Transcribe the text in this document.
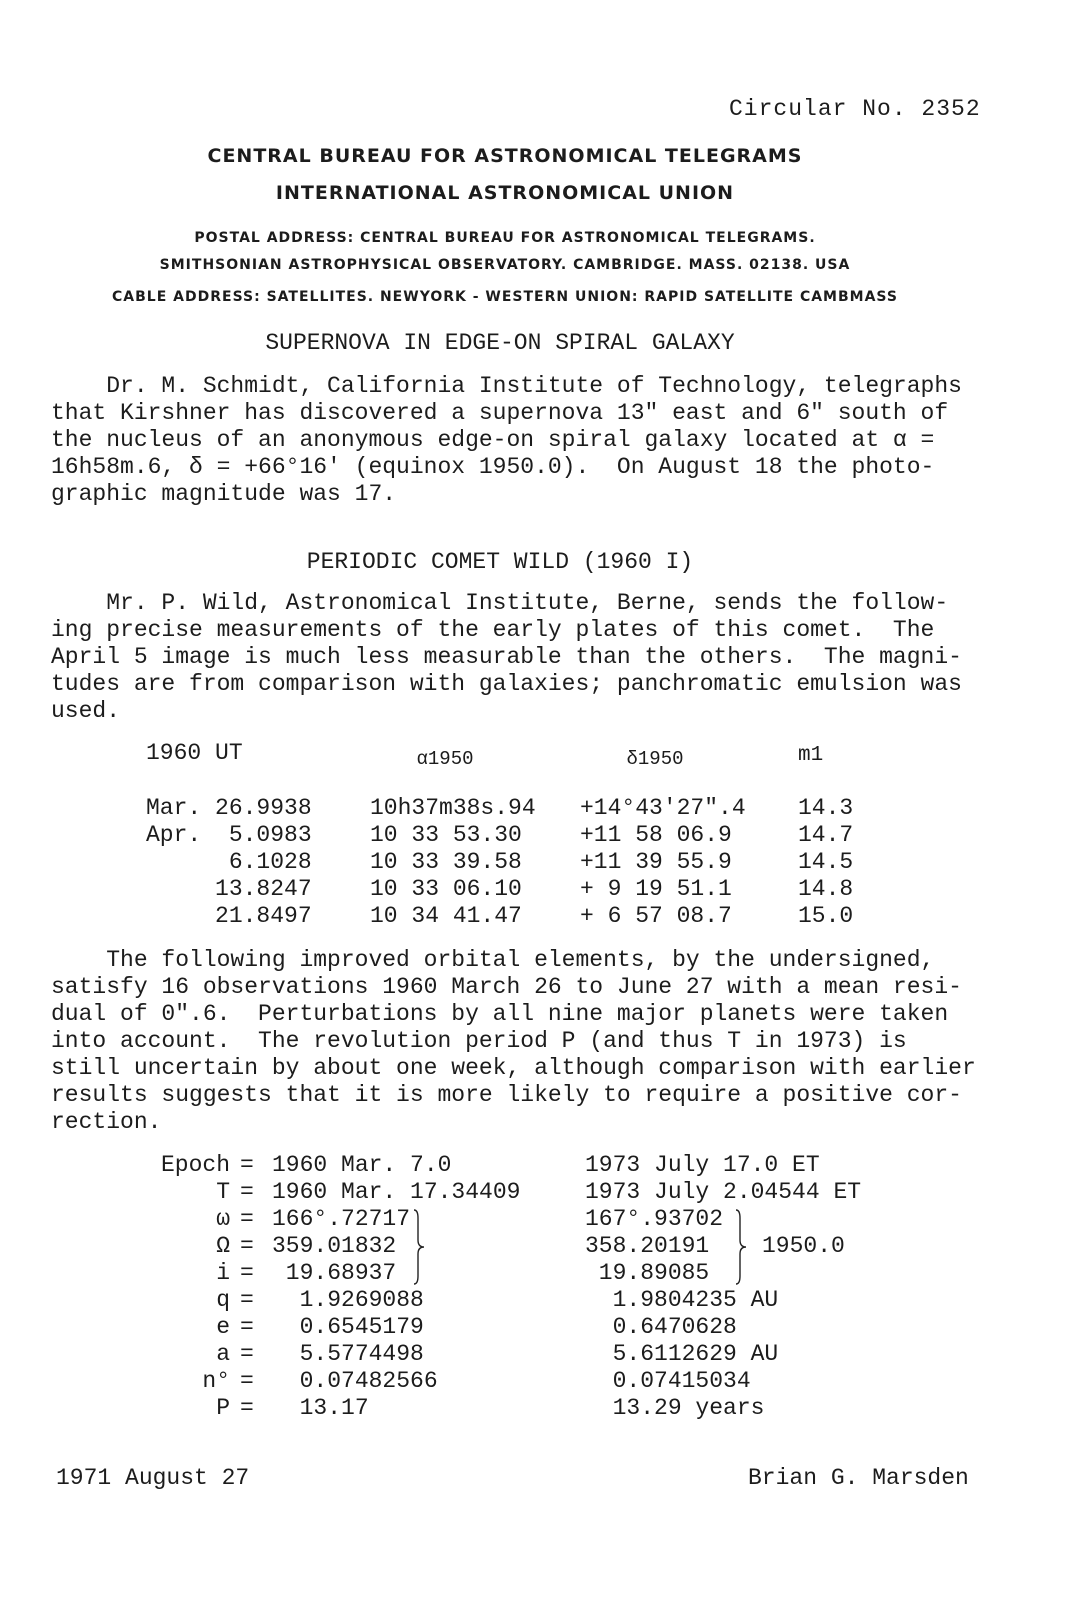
Circular No. 2352
CENTRAL BUREAU FOR ASTRONOMICAL TELEGRAMS
INTERNATIONAL ASTRONOMICAL UNION
POSTAL ADDRESS: CENTRAL BUREAU FOR ASTRONOMICAL TELEGRAMS.
SMITHSONIAN ASTROPHYSICAL OBSERVATORY. CAMBRIDGE. MASS. 02138. USA
CABLE ADDRESS: SATELLITES. NEWYORK - WESTERN UNION: RAPID SATELLITE CAMBMASS
SUPERNOVA IN EDGE-ON SPIRAL GALAXY
Dr. M. Schmidt, California Institute of Technology, telegraphs
that Kirshner has discovered a supernova 13" east and 6" south of
the nucleus of an anonymous edge-on spiral galaxy located at α =
16h58m.6, δ = +66°16' (equinox 1950.0).  On August 18 the photo-
graphic magnitude was 17.
PERIODIC COMET WILD (1960 I)
Mr. P. Wild, Astronomical Institute, Berne, sends the follow-
ing precise measurements of the early plates of this comet.  The
April 5 image is much less measurable than the others.  The magni-
tudes are from comparison with galaxies; panchromatic emulsion was
used.
1960 UT	α1950	δ1950	m1
Mar. 26.9938	10h37m38s.94 +14°43'27".4 14.3
Apr.  5.0983	10 33 53.30	+11 58 06.9	14.7
6.1028	10 33 39.58	+11 39 55.9	14.5
13.8247	10 33 06.10	+ 9 19 51.1	14.8
21.8497	10 34 41.47	+ 6 57 08.7	15.0
The following improved orbital elements, by the undersigned,
satisfy 16 observations 1960 March 26 to June 27 with a mean resi-
dual of 0".6.  Perturbations by all nine major planets were taken
into account.  The revolution period P (and thus T in 1973) is
still uncertain by about one week, although comparison with earlier
results suggests that it is more likely to require a positive cor-
rection.
Epoch = 1960 Mar. 7.0	1973 July 17.0 ET
T = 1960 Mar. 17.34409	1973 July 2.04544 ET
ω = 166°.72717	167°.93702
Ω = 359.01832	358.20191
i = 19.68937	19.89085
q = 1.9269088	1.9804235 AU
e = 0.6545179	0.6470628
a = 5.5774498	5.6112629 AU
n° = 0.07482566	0.07415034
P = 13.17	13.29 years
1950.0
1971 August 27	Brian G. Marsden
